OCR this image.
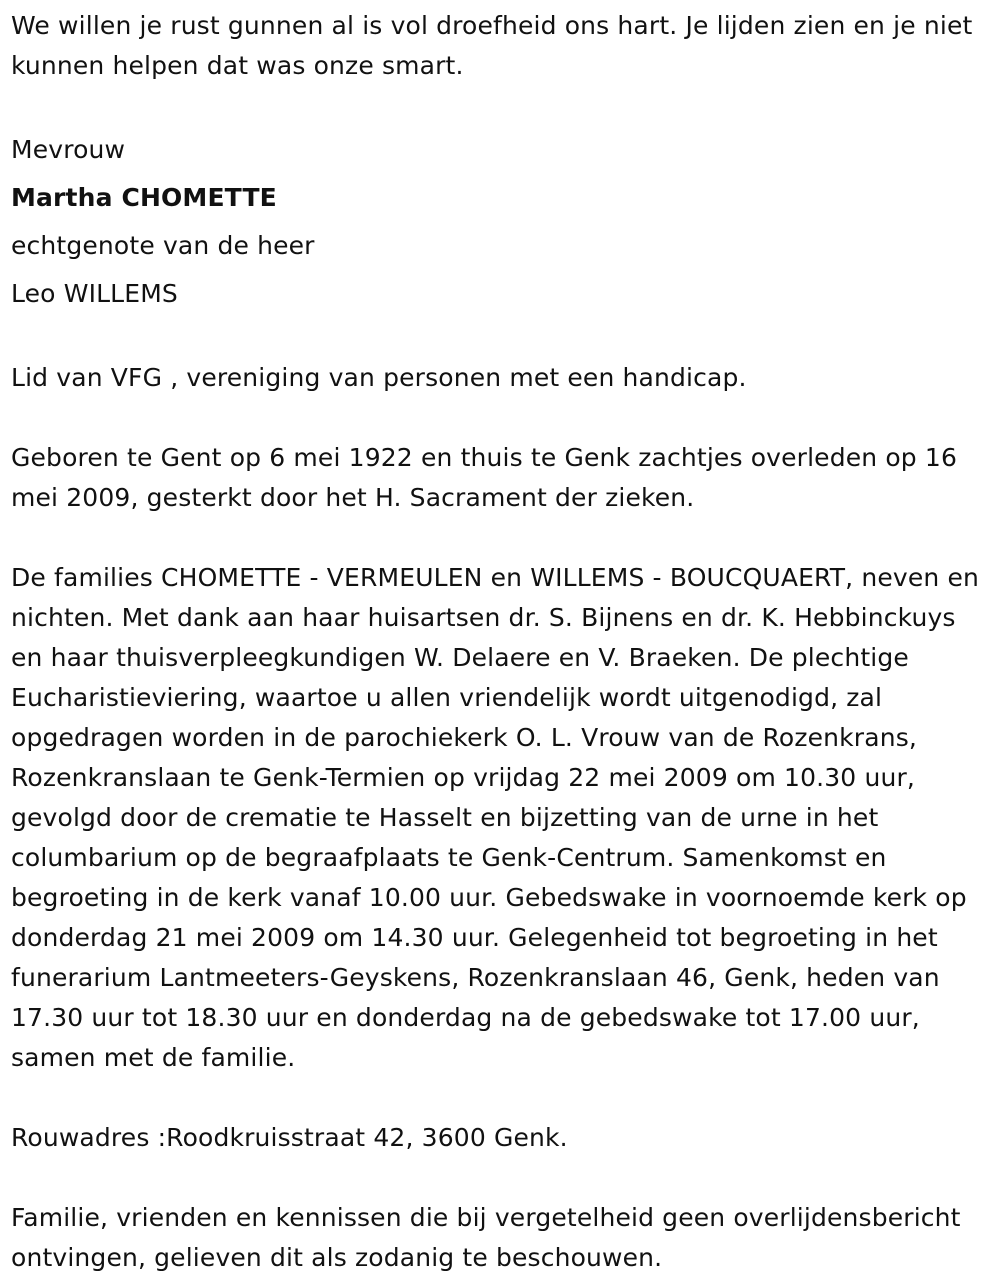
We willen je rust gunnen al is vol droefheid ons hart. Je lijden zien en je niet kunnen helpen dat was onze smart.

Mevrouw

Martha CHOMETTE

echtgenote van de heer

Leo WILLEMS

Lid van VFG , vereniging van personen met een handicap.

Geboren te Gent op 6 mei 1922 en thuis te Genk zachtjes overleden op 16 mei 2009, gesterkt door het H. Sacrament der zieken.

De families CHOMETTE - VERMEULEN en WILLEMS - BOUCQUAERT, neven en nichten. Met dank aan haar huisartsen dr. S. Bijnens en dr. K. Hebbinckuys en haar thuisverpleegkundigen W. Delaere en V. Braeken. De plechtige Eucharistieviering, waartoe u allen vriendelijk wordt uitgenodigd, zal opgedragen worden in de parochiekerk O. L. Vrouw van de Rozenkrans, Rozenkranslaan te Genk-Termien op vrijdag 22 mei 2009 om 10.30 uur, gevolgd door de crematie te Hasselt en bijzetting van de urne in het columbarium op de begraafplaats te Genk-Centrum. Samenkomst en begroeting in de kerk vanaf 10.00 uur. Gebedswake in voornoemde kerk op donderdag 21 mei 2009 om 14.30 uur. Gelegenheid tot begroeting in het funerarium Lantmeeters-Geyskens, Rozenkranslaan 46, Genk, heden van 17.30 uur tot 18.30 uur en donderdag na de gebedswake tot 17.00 uur, samen met de familie.

Rouwadres :Roodkruisstraat 42, 3600 Genk.

Familie, vrienden en kennissen die bij vergetelheid geen overlijdensbericht ontvingen, gelieven dit als zodanig te beschouwen.
